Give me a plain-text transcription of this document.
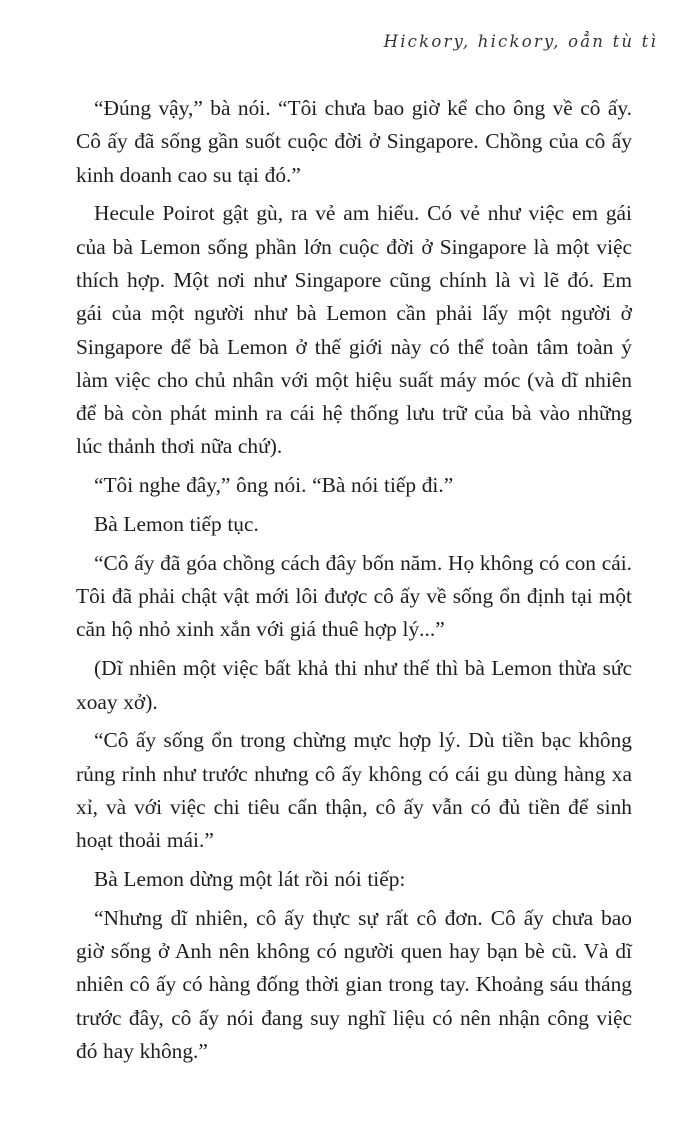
Hickory, hickory, oẳn tù tì

“Đúng vậy,” bà nói. “Tôi chưa bao giờ kể cho ông về cô ấy. Cô ấy đã sống gần suốt cuộc đời ở Singapore. Chồng của cô ấy kinh doanh cao su tại đó.”

Hecule Poirot gật gù, ra vẻ am hiểu. Có vẻ như việc em gái của bà Lemon sống phần lớn cuộc đời ở Singapore là một việc thích hợp. Một nơi như Singapore cũng chính là vì lẽ đó. Em gái của một người như bà Lemon cần phải lấy một người ở Singapore để bà Lemon ở thế giới này có thể toàn tâm toàn ý làm việc cho chủ nhân với một hiệu suất máy móc (và dĩ nhiên để bà còn phát minh ra cái hệ thống lưu trữ của bà vào những lúc thảnh thơi nữa chứ).

“Tôi nghe đây,” ông nói. “Bà nói tiếp đi.”

Bà Lemon tiếp tục.

“Cô ấy đã góa chồng cách đây bốn năm. Họ không có con cái. Tôi đã phải chật vật mới lôi được cô ấy về sống ổn định tại một căn hộ nhỏ xinh xắn với giá thuê hợp lý...”

(Dĩ nhiên một việc bất khả thi như thế thì bà Lemon thừa sức xoay xở).

“Cô ấy sống ổn trong chừng mực hợp lý. Dù tiền bạc không rủng rỉnh như trước nhưng cô ấy không có cái gu dùng hàng xa xỉ, và với việc chi tiêu cẩn thận, cô ấy vẫn có đủ tiền để sinh hoạt thoải mái.”

Bà Lemon dừng một lát rồi nói tiếp:

“Nhưng dĩ nhiên, cô ấy thực sự rất cô đơn. Cô ấy chưa bao giờ sống ở Anh nên không có người quen hay bạn bè cũ. Và dĩ nhiên cô ấy có hàng đống thời gian trong tay. Khoảng sáu tháng trước đây, cô ấy nói đang suy nghĩ liệu có nên nhận công việc đó hay không.”
